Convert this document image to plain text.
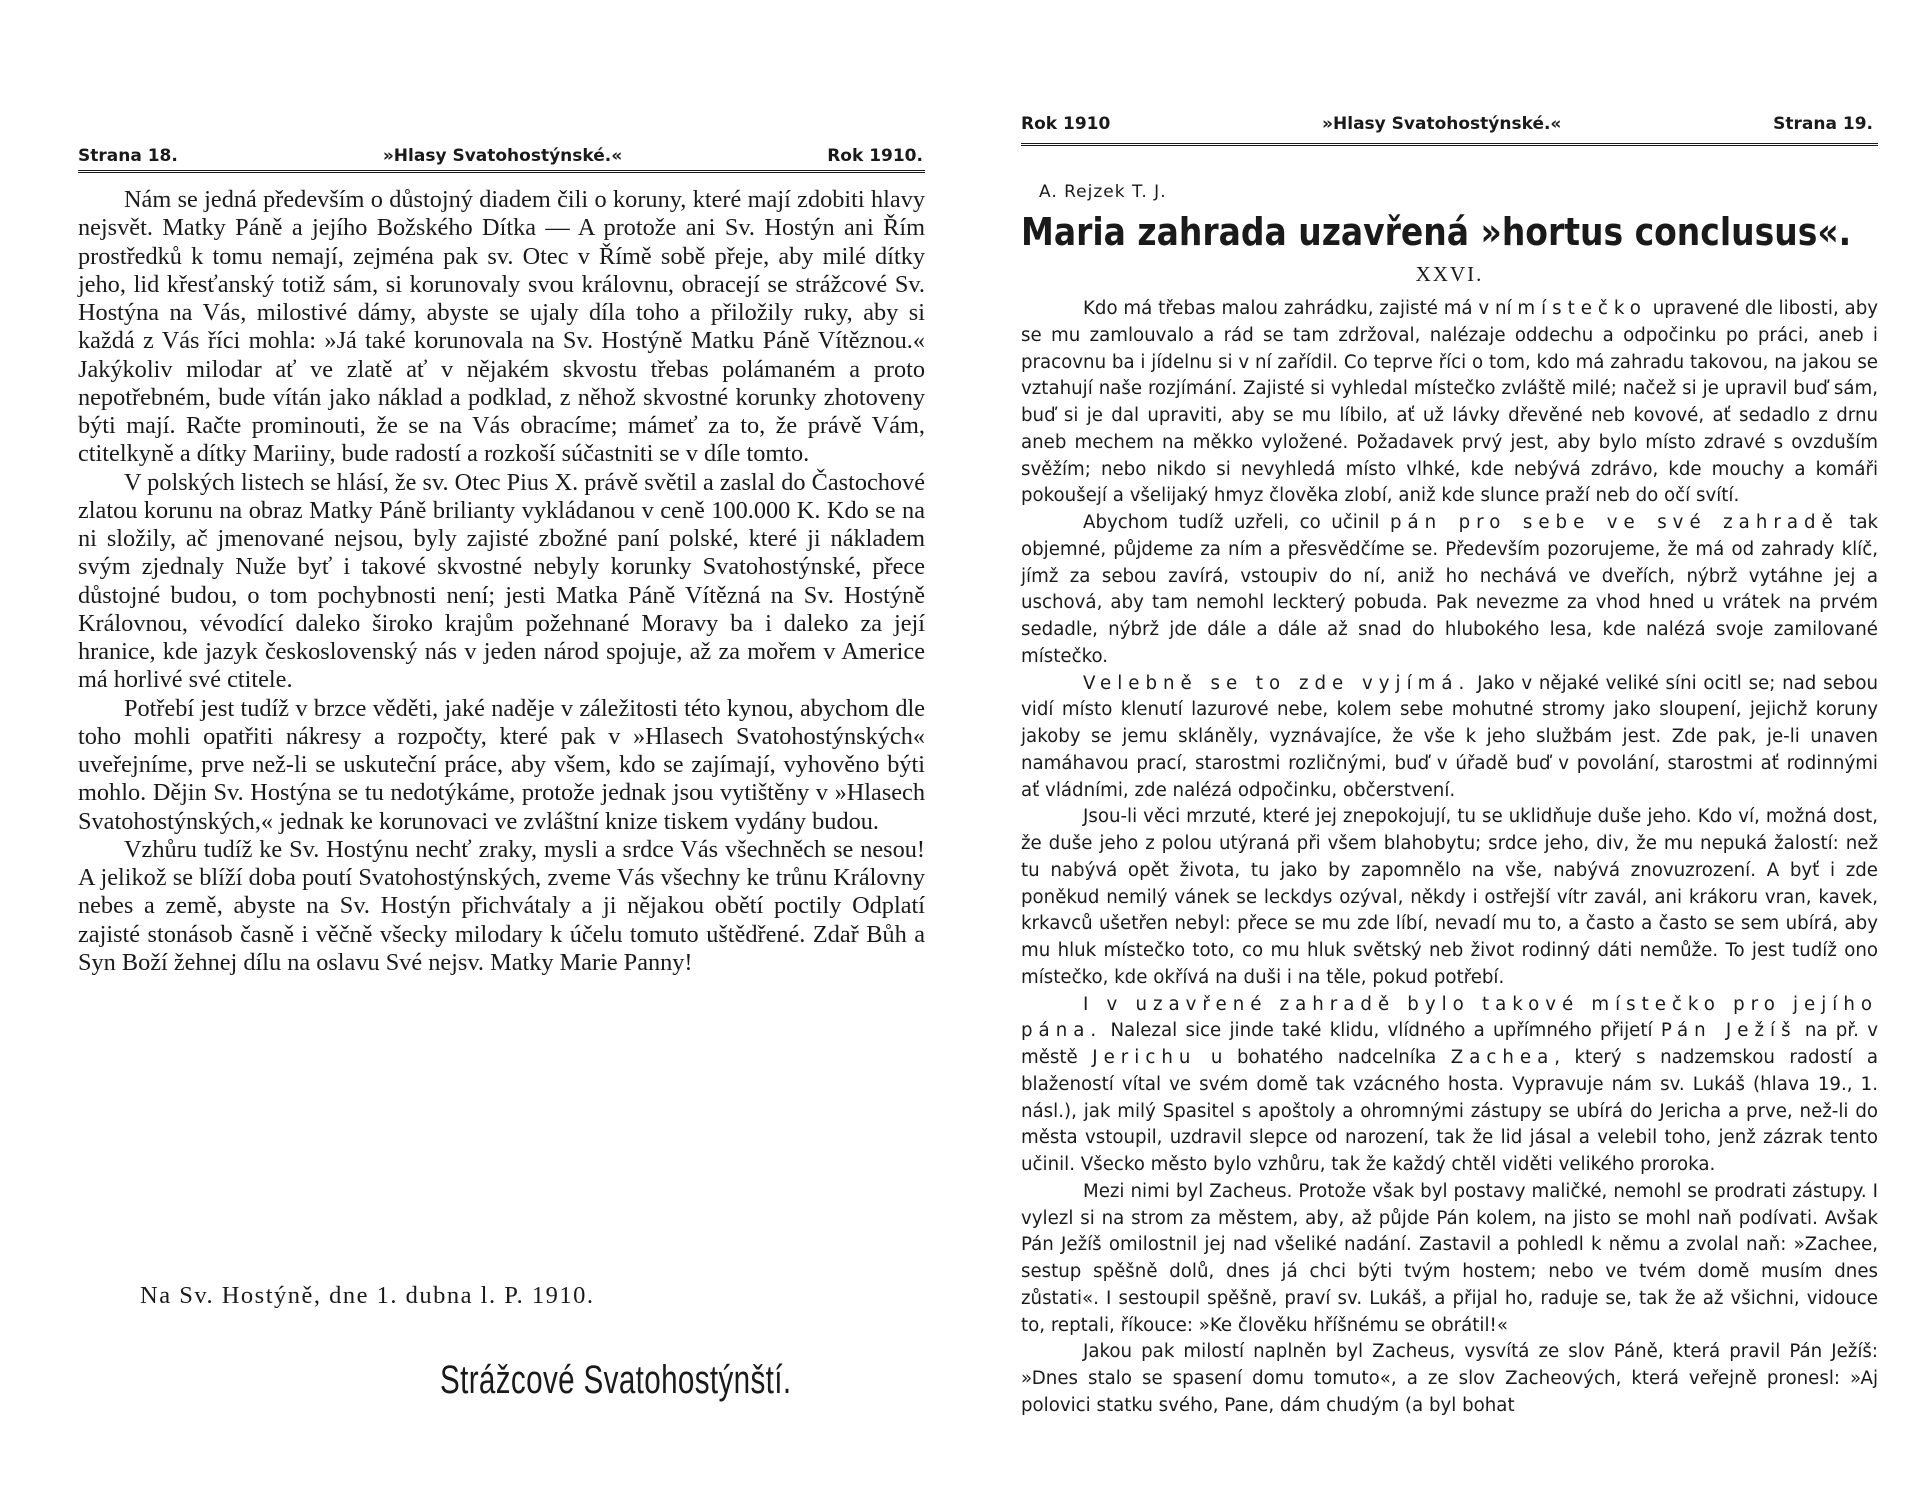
Strana 18.	»Hlasy Svatohostýnské.«	Rok 1910.

Nám se jedná především o důstojný diadem čili o koruny, které mají zdobiti hlavy nejsvět. Matky Páně a jejího Božského Dítka — A protože ani Sv. Hostýn ani Řím prostředků k tomu nemají, zejména pak sv. Otec v Římě sobě přeje, aby milé dítky jeho, lid křesťanský totiž sám, si korunovaly svou královnu, obracejí se strážcové Sv. Hostýna na Vás, milostivé dámy, abyste se ujaly díla toho a přiložily ruky, aby si každá z Vás říci mohla: »Já také korunovala na Sv. Hostýně Matku Páně Vítěznou.« Jakýkoliv milodar ať ve zlatě ať v nějakém skvostu třebas polámaném a proto nepotřebném, bude vítán jako náklad a podklad, z něhož skvostné korunky zhotoveny býti mají. Račte prominouti, že se na Vás obracíme; mámeť za to, že právě Vám, ctitelkyně a dítky Mariiny, bude radostí a rozkoší súčastniti se v díle tomto.

V polských listech se hlásí, že sv. Otec Pius X. právě světil a zaslal do Častochové zlatou korunu na obraz Matky Páně brilianty vykládanou v ceně 100.000 K. Kdo se na ni složily, ač jmenované nejsou, byly zajisté zbožné paní polské, které ji nákladem svým zjednaly Nuže byť i takové skvostné nebyly korunky Svatohostýnské, přece důstojné budou, o tom pochybnosti není; jesti Matka Páně Vítězná na Sv. Hostýně Královnou, vévodící daleko široko krajům požehnané Moravy ba i daleko za její hranice, kde jazyk československý nás v jeden národ spojuje, až za mořem v Americe má horlivé své ctitele.

Potřebí jest tudíž v brzce věděti, jaké naděje v záležitosti této kynou, abychom dle toho mohli opatřiti nákresy a rozpočty, které pak v »Hlasech Svatohostýnských« uveřejníme, prve než-li se uskuteční práce, aby všem, kdo se zajímají, vyhověno býti mohlo. Dějin Sv. Hostýna se tu nedotýkáme, protože jednak jsou vytištěny v »Hlasech Svatohostýnských,« jednak ke korunovaci ve zvláštní knize tiskem vydány budou.

Vzhůru tudíž ke Sv. Hostýnu nechť zraky, mysli a srdce Vás všechněch se nesou! A jelikož se blíží doba poutí Svatohostýnských, zveme Vás všechny ke trůnu Královny nebes a země, abyste na Sv. Hostýn přichvátaly a ji nějakou obětí poctily Odplatí zajisté stonásob časně i věčně všecky milodary k účelu tomuto uštědřené. Zdař Bůh a Syn Boží žehnej dílu na oslavu Své nejsv. Matky Marie Panny!

Na Sv. Hostýně, dne 1. dubna l. P. 1910.
Strážcové Svatohostýnští.
Rok 1910	»Hlasy Svatohostýnské.«	Strana 19.
A. Rejzek T. J.
Maria zahrada uzavřená »hortus conclusus«.
XXVI.

Kdo má třebas malou zahrádku, zajisté má v ní místečko upravené dle libosti, aby se mu zamlouvalo a rád se tam zdržoval, nalézaje oddechu a odpočinku po práci, aneb i pracovnu ba i jídelnu si v ní zařídil. Co teprve říci o tom, kdo má zahradu takovou, na jakou se vztahují naše rozjímání. Zajisté si vyhledal místečko zvláště milé; načež si je upravil buď sám, buď si je dal upraviti, aby se mu líbilo, ať už lávky dřevěné neb kovové, ať sedadlo z drnu aneb mechem na měkko vyložené. Požadavek prvý jest, aby bylo místo zdravé s ovzduším svěžím; nebo nikdo si nevyhledá místo vlhké, kde nebývá zdrávo, kde mouchy a komáři pokoušejí a všelijaký hmyz člověka zlobí, aniž kde slunce praží neb do očí svítí.

Abychom tudíž uzřeli, co učinil pán pro sebe ve své zahradě tak objemné, půjdeme za ním a přesvědčíme se. Především pozorujeme, že má od zahrady klíč, jímž za sebou zavírá, vstoupiv do ní, aniž ho nechává ve dveřích, nýbrž vytáhne jej a uschová, aby tam nemohl leckterý pobuda. Pak nevezme za vhod hned u vrátek na prvém sedadle, nýbrž jde dále a dále až snad do hlubokého lesa, kde nalézá svoje zamilované místečko.

Velebně se to zde vyjímá. Jako v nějaké veliké síni ocitl se; nad sebou vidí místo klenutí lazurové nebe, kolem sebe mohutné stromy jako sloupení, jejichž koruny jakoby se jemu skláněly, vyznávajíce, že vše k jeho službám jest. Zde pak, je-li unaven namáhavou prací, starostmi rozličnými, buď v úřadě buď v povolání, starostmi ať rodinnými ať vládními, zde nalézá odpočinku, občerstvení.

Jsou-li věci mrzuté, které jej znepokojují, tu se uklidňuje duše jeho. Kdo ví, možná dost, že duše jeho z polou utýraná při všem blahobytu; srdce jeho, div, že mu nepuká žalostí: než tu nabývá opět života, tu jako by zapomnělo na vše, nabývá znovuzrození. A byť i zde poněkud nemilý vánek se leckdys ozýval, někdy i ostřejší vítr zavál, ani krákoru vran, kavek, krkavců ušetřen nebyl: přece se mu zde líbí, nevadí mu to, a často a často se sem ubírá, aby mu hluk místečko toto, co mu hluk světský neb život rodinný dáti nemůže. To jest tudíž ono místečko, kde okřívá na duši i na těle, pokud potřebí.

I v uzavřené zahradě bylo takové místečko pro jejího pána. Nalezal sice jinde také klidu, vlídného a upřímného přijetí Pán Ježíš na př. v městě Jerichu u bohatého nadcelníka Zachea, který s nadzemskou radostí a blažeností vítal ve svém domě tak vzácného hosta. Vypravuje nám sv. Lukáš (hlava 19., 1. násl.), jak milý Spasitel s apoštoly a ohromnými zástupy se ubírá do Jericha a prve, než-li do města vstoupil, uzdravil slepce od narození, tak že lid jásal a velebil toho, jenž zázrak tento učinil. Všecko město bylo vzhůru, tak že každý chtěl viděti velikého proroka.

Mezi nimi byl Zacheus. Protože však byl postavy maličké, nemohl se prodrati zástupy. I vylezl si na strom za městem, aby, až půjde Pán kolem, na jisto se mohl naň podívati. Avšak Pán Ježíš omilostnil jej nad všeliké nadání. Zastavil a pohledl k němu a zvolal naň: »Zachee, sestup spěšně dolů, dnes já chci býti tvým hostem; nebo ve tvém domě musím dnes zůstati«. I sestoupil spěšně, praví sv. Lukáš, a přijal ho, raduje se, tak že až všichni, vidouce to, reptali, říkouce: »Ke člověku hříšnému se obrátil!«

Jakou pak milostí naplněn byl Zacheus, vysvítá ze slov Páně, která pravil Pán Ježíš: »Dnes stalo se spasení domu tomuto«, a ze slov Zacheových, která veřejně pronesl: »Aj polovici statku svého, Pane, dám chudým (a byl bohat
